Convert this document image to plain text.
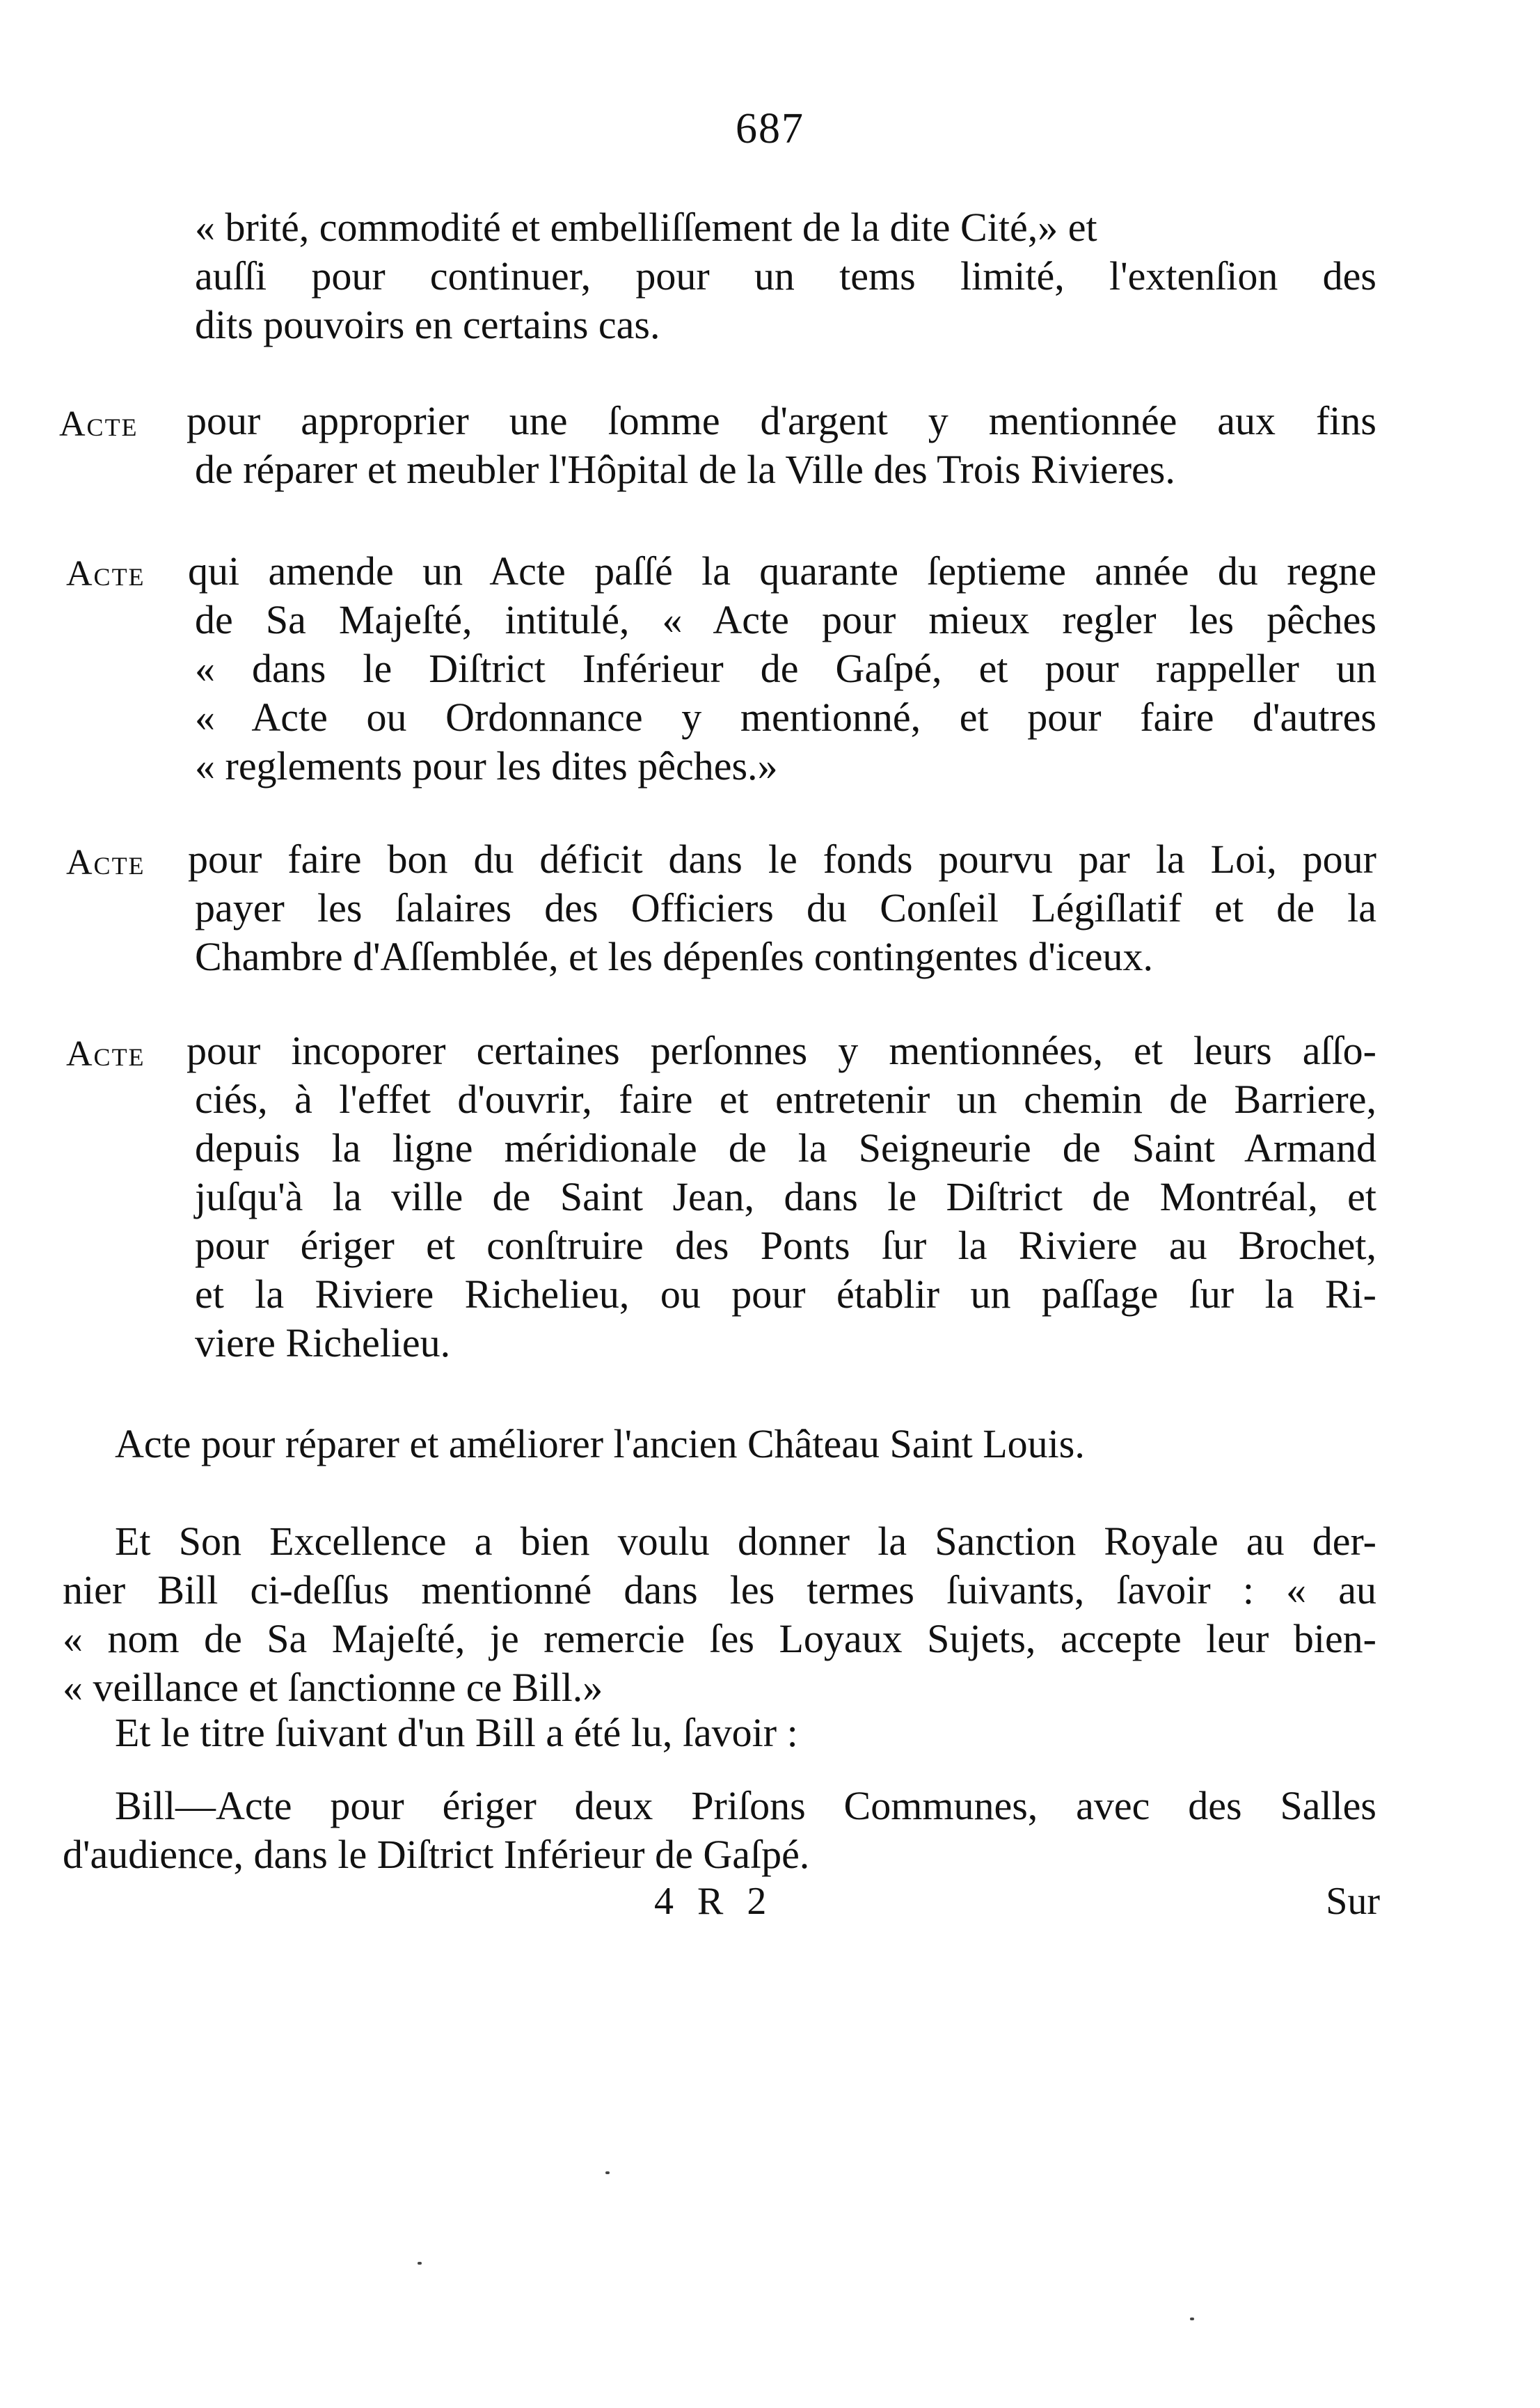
687
« brité, commodité et embelliſſement de la dite Cité,» et
auſſi pour continuer, pour un tems limité, l'extenſion des
dits pouvoirs en certains cas.
Acte pour approprier une ſomme d'argent y mentionnée aux fins
de réparer et meubler l'Hôpital de la Ville des Trois Rivieres.
Acte qui amende un Acte paſſé la quarante ſeptieme année du regne
de Sa Majeſté, intitulé, « Acte pour mieux regler les pêches
« dans le Diſtrict Inférieur de Gaſpé, et pour rappeller un
« Acte ou Ordonnance y mentionné, et pour faire d'autres
« reglements pour les dites pêches.»
Acte pour faire bon du déficit dans le fonds pourvu par la Loi, pour
payer les ſalaires des Officiers du Conſeil Légiſlatif et de la
Chambre d'Aſſemblée, et les dépenſes contingentes d'iceux.
Acte pour incoporer certaines perſonnes y mentionnées, et leurs aſſo-
ciés, à l'effet d'ouvrir, faire et entretenir un chemin de Barriere,
depuis la ligne méridionale de la Seigneurie de Saint Armand
juſqu'à la ville de Saint Jean, dans le Diſtrict de Montréal, et
pour ériger et conſtruire des Ponts ſur la Riviere au Brochet,
et la Riviere Richelieu, ou pour établir un paſſage ſur la Ri-
viere Richelieu.
Acte pour réparer et améliorer l'ancien Château Saint Louis.
Et Son Excellence a bien voulu donner la Sanction Royale au der-
nier Bill ci-deſſus mentionné dans les termes ſuivants, ſavoir : « au
« nom de Sa Majeſté, je remercie ſes Loyaux Sujets, accepte leur bien-
« veillance et ſanctionne ce Bill.»
Et le titre ſuivant d'un Bill a été lu, ſavoir :
Bill—Acte pour ériger deux Priſons Communes, avec des Salles
4 R 2	Sur
d'audience, dans le Diſtrict Inférieur de Gaſpé.
